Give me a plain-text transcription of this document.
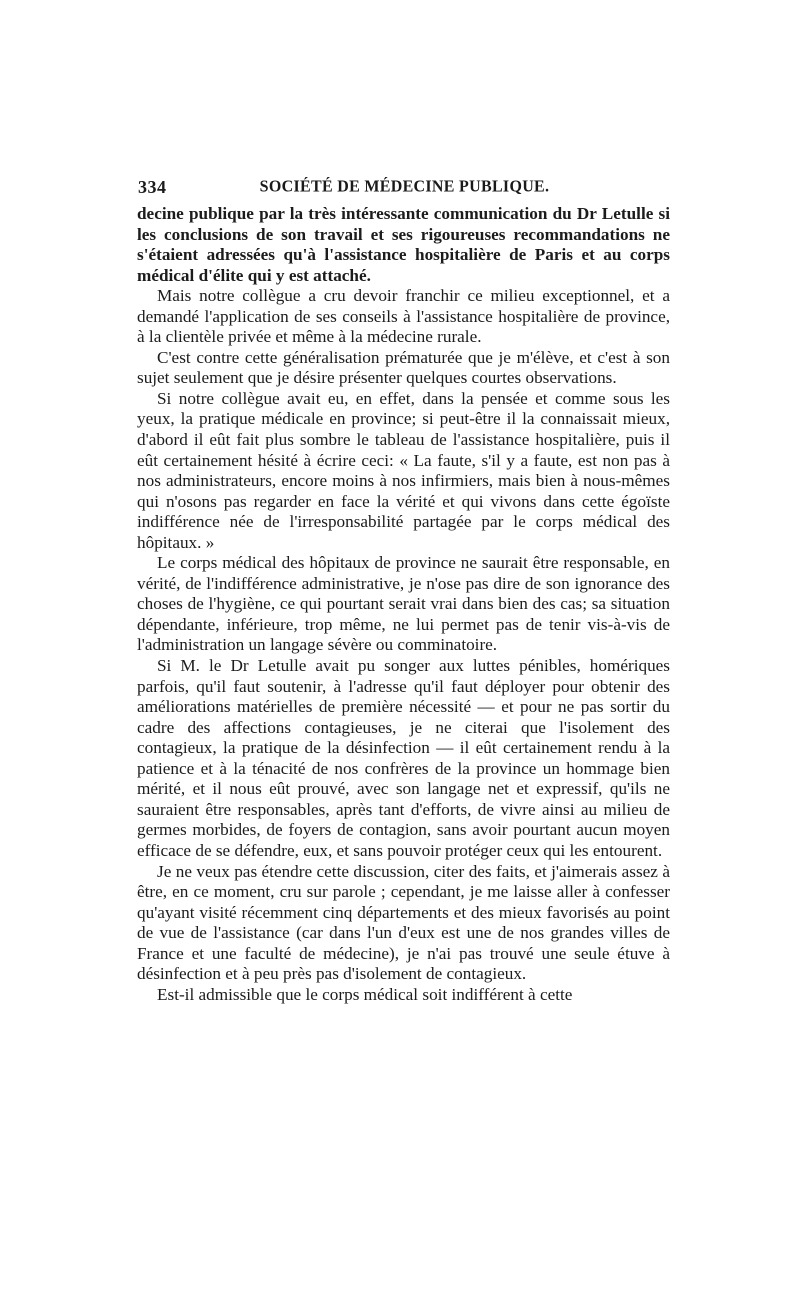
334	SOCIÉTÉ DE MÉDECINE PUBLIQUE.

decine publique par la très intéressante communication du Dr Letulle si les conclusions de son travail et ses rigoureuses recommandations ne s'étaient adressées qu'à l'assistance hospitalière de Paris et au corps médical d'élite qui y est attaché.

Mais notre collègue a cru devoir franchir ce milieu exceptionnel, et a demandé l'application de ses conseils à l'assistance hospitalière de province, à la clientèle privée et même à la médecine rurale.

C'est contre cette généralisation prématurée que je m'élève, et c'est à son sujet seulement que je désire présenter quelques courtes observations.

Si notre collègue avait eu, en effet, dans la pensée et comme sous les yeux, la pratique médicale en province; si peut-être il la connaissait mieux, d'abord il eût fait plus sombre le tableau de l'assistance hospitalière, puis il eût certainement hésité à écrire ceci: « La faute, s'il y a faute, est non pas à nos administrateurs, encore moins à nos infirmiers, mais bien à nous-mêmes qui n'osons pas regarder en face la vérité et qui vivons dans cette égoïste indifférence née de l'irresponsabilité partagée par le corps médical des hôpitaux. »

Le corps médical des hôpitaux de province ne saurait être responsable, en vérité, de l'indifférence administrative, je n'ose pas dire de son ignorance des choses de l'hygiène, ce qui pourtant serait vrai dans bien des cas; sa situation dépendante, inférieure, trop même, ne lui permet pas de tenir vis-à-vis de l'administration un langage sévère ou comminatoire.

Si M. le Dr Letulle avait pu songer aux luttes pénibles, homériques parfois, qu'il faut soutenir, à l'adresse qu'il faut déployer pour obtenir des améliorations matérielles de première nécessité — et pour ne pas sortir du cadre des affections contagieuses, je ne citerai que l'isolement des contagieux, la pratique de la désinfection — il eût certainement rendu à la patience et à la ténacité de nos confrères de la province un hommage bien mérité, et il nous eût prouvé, avec son langage net et expressif, qu'ils ne sauraient être responsables, après tant d'efforts, de vivre ainsi au milieu de germes morbides, de foyers de contagion, sans avoir pourtant aucun moyen efficace de se défendre, eux, et sans pouvoir protéger ceux qui les entourent.

Je ne veux pas étendre cette discussion, citer des faits, et j'aimerais assez à être, en ce moment, cru sur parole ; cependant, je me laisse aller à confesser qu'ayant visité récemment cinq départements et des mieux favorisés au point de vue de l'assistance (car dans l'un d'eux est une de nos grandes villes de France et une faculté de médecine), je n'ai pas trouvé une seule étuve à désinfection et à peu près pas d'isolement de contagieux.

Est-il admissible que le corps médical soit indifférent à cette
